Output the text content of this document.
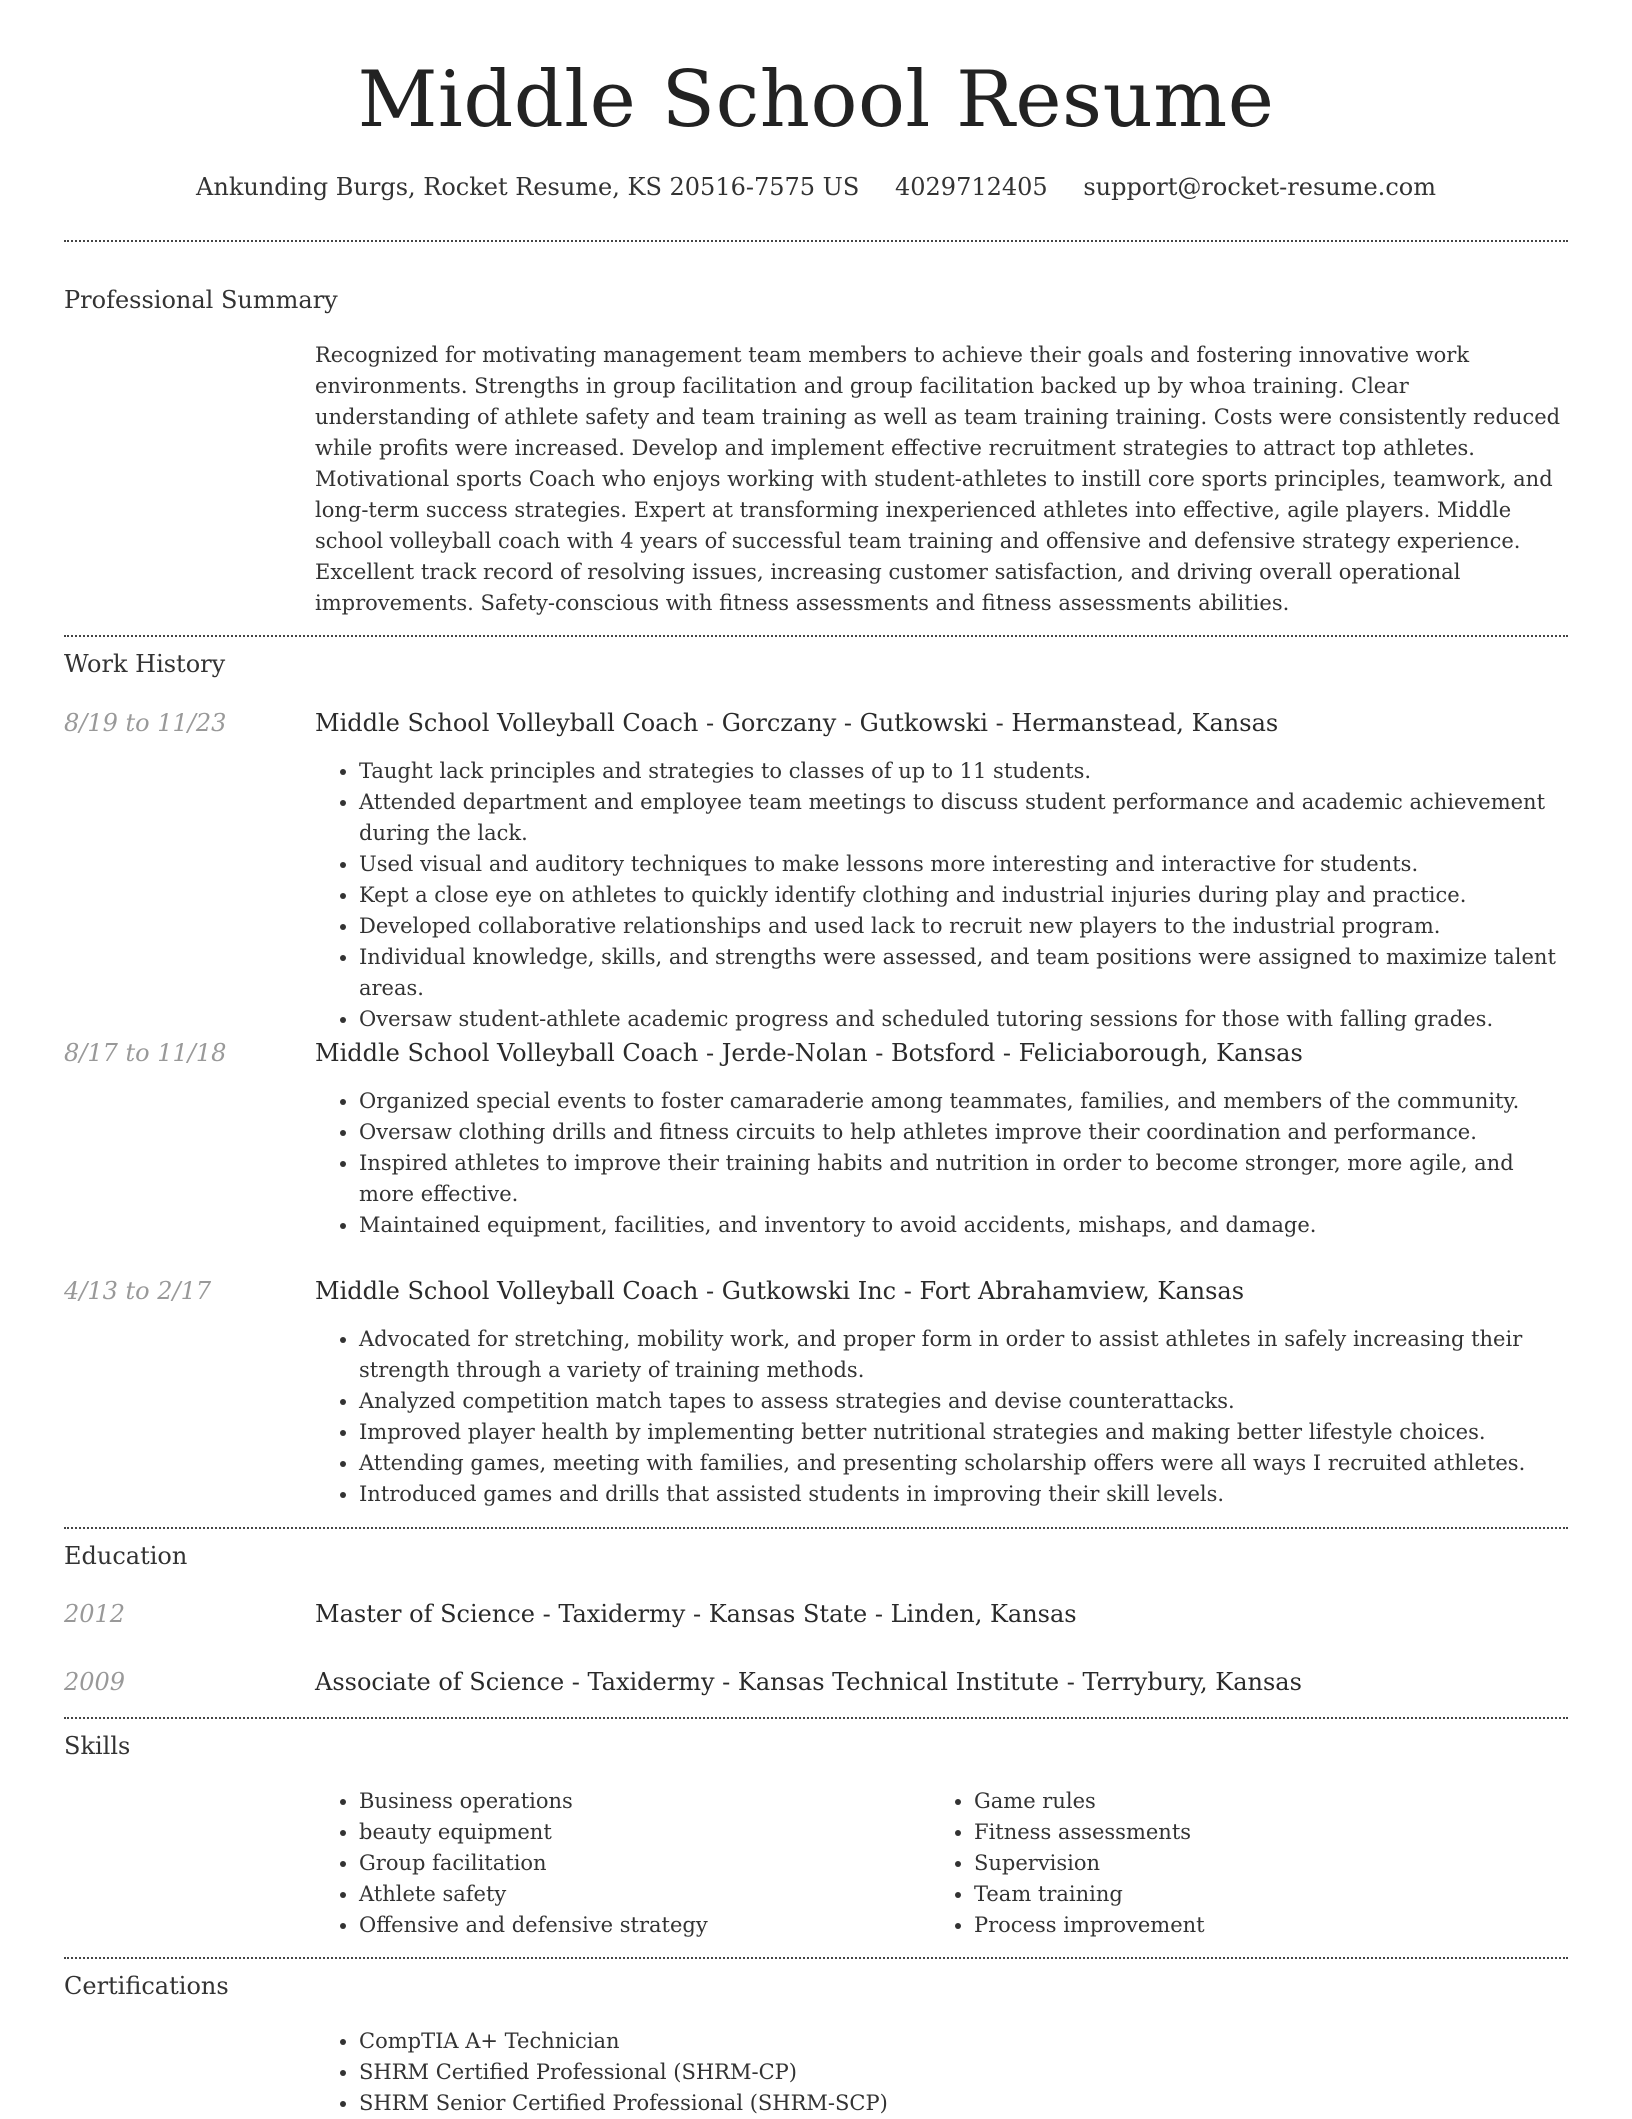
Middle School Resume
Ankunding Burgs, Rocket Resume, KS 20516-7575 US 4029712405 support@rocket-resume.com
Professional Summary
Recognized for motivating management team members to achieve their goals and fostering innovative work environments. Strengths in group facilitation and group facilitation backed up by whoa training. Clear understanding of athlete safety and team training as well as team training training. Costs were consistently reduced while profits were increased. Develop and implement effective recruitment strategies to attract top athletes. Motivational sports Coach who enjoys working with student-athletes to instill core sports principles, teamwork, and long-term success strategies. Expert at transforming inexperienced athletes into effective, agile players. Middle school volleyball coach with 4 years of successful team training and offensive and defensive strategy experience. Excellent track record of resolving issues, increasing customer satisfaction, and driving overall operational improvements. Safety-conscious with fitness assessments and fitness assessments abilities.
Work History
8/19 to 11/23	Middle School Volleyball Coach - Gorczany - Gutkowski - Hermanstead, Kansas
• Taught lack principles and strategies to classes of up to 11 students.
• Attended department and employee team meetings to discuss student performance and academic achievement during the lack.
• Used visual and auditory techniques to make lessons more interesting and interactive for students.
• Kept a close eye on athletes to quickly identify clothing and industrial injuries during play and practice.
• Developed collaborative relationships and used lack to recruit new players to the industrial program.
• Individual knowledge, skills, and strengths were assessed, and team positions were assigned to maximize talent areas.
• Oversaw student-athlete academic progress and scheduled tutoring sessions for those with falling grades.
8/17 to 11/18	Middle School Volleyball Coach - Jerde-Nolan - Botsford - Feliciaborough, Kansas
• Organized special events to foster camaraderie among teammates, families, and members of the community.
• Oversaw clothing drills and fitness circuits to help athletes improve their coordination and performance.
• Inspired athletes to improve their training habits and nutrition in order to become stronger, more agile, and more effective.
• Maintained equipment, facilities, and inventory to avoid accidents, mishaps, and damage.
4/13 to 2/17	Middle School Volleyball Coach - Gutkowski Inc - Fort Abrahamview, Kansas
• Advocated for stretching, mobility work, and proper form in order to assist athletes in safely increasing their strength through a variety of training methods.
• Analyzed competition match tapes to assess strategies and devise counterattacks.
• Improved player health by implementing better nutritional strategies and making better lifestyle choices.
• Attending games, meeting with families, and presenting scholarship offers were all ways I recruited athletes.
• Introduced games and drills that assisted students in improving their skill levels.
Education
2012	Master of Science - Taxidermy - Kansas State - Linden, Kansas
2009	Associate of Science - Taxidermy - Kansas Technical Institute - Terrybury, Kansas
Skills
• Business operations
• beauty equipment
• Group facilitation
• Athlete safety
• Offensive and defensive strategy
• Game rules
• Fitness assessments
• Supervision
• Team training
• Process improvement
Certifications
• CompTIA A+ Technician
• SHRM Certified Professional (SHRM-CP)
• SHRM Senior Certified Professional (SHRM-SCP)
